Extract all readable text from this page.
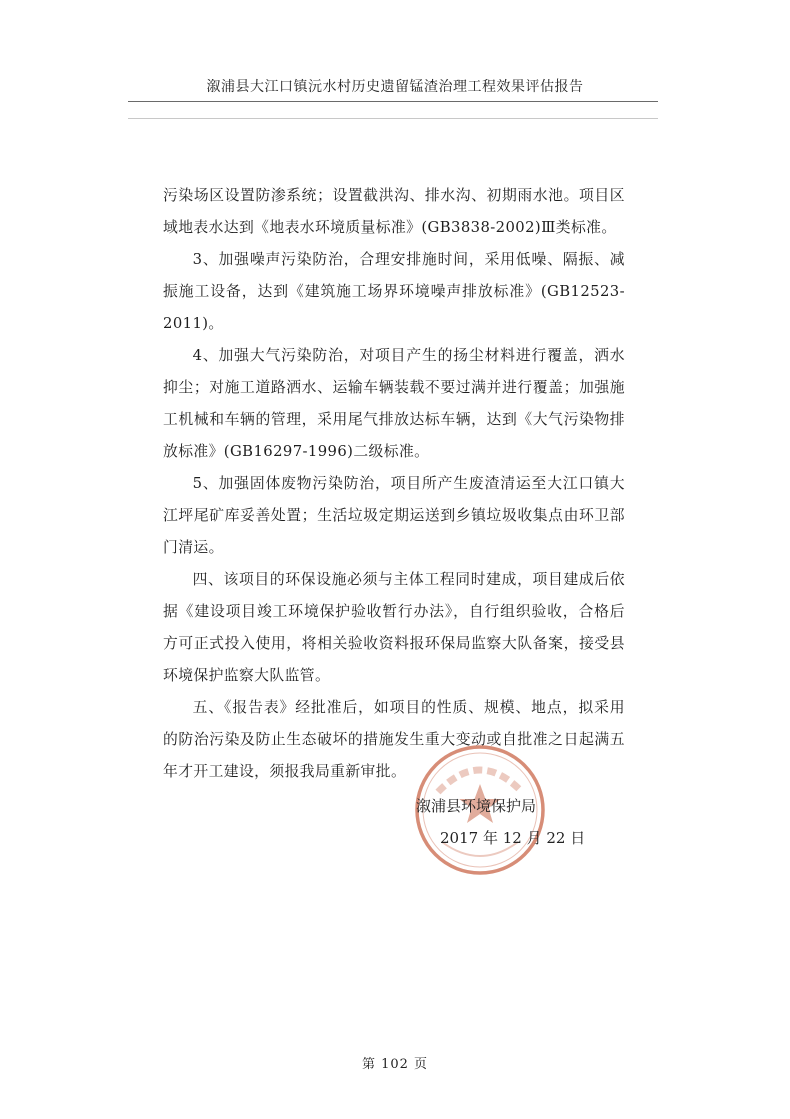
溆浦县大江口镇沅水村历史遗留锰渣治理工程效果评估报告

污染场区设置防渗系统；设置截洪沟、排水沟、初期雨水池。项目区域地表水达到《地表水环境质量标准》(GB3838-2002)Ⅲ类标准。

3、加强噪声污染防治，合理安排施时间，采用低噪、隔振、减振施工设备，达到《建筑施工场界环境噪声排放标准》(GB12523-2011)。

4、加强大气污染防治，对项目产生的扬尘材料进行覆盖，洒水抑尘；对施工道路洒水、运输车辆装载不要过满并进行覆盖；加强施工机械和车辆的管理，采用尾气排放达标车辆，达到《大气污染物排放标准》(GB16297-1996)二级标准。

5、加强固体废物污染防治，项目所产生废渣清运至大江口镇大江坪尾矿库妥善处置；生活垃圾定期运送到乡镇垃圾收集点由环卫部门清运。

四、该项目的环保设施必须与主体工程同时建成，项目建成后依据《建设项目竣工环境保护验收暂行办法》，自行组织验收，合格后方可正式投入使用，将相关验收资料报环保局监察大队备案，接受县环境保护监察大队监管。

五、《报告表》经批准后，如项目的性质、规模、地点，拟采用的防治污染及防止生态破坏的措施发生重大变动或自批准之日起满五年才开工建设，须报我局重新审批。

溆浦县环境保护局
2017 年 12 月 22 日
第 102 页
